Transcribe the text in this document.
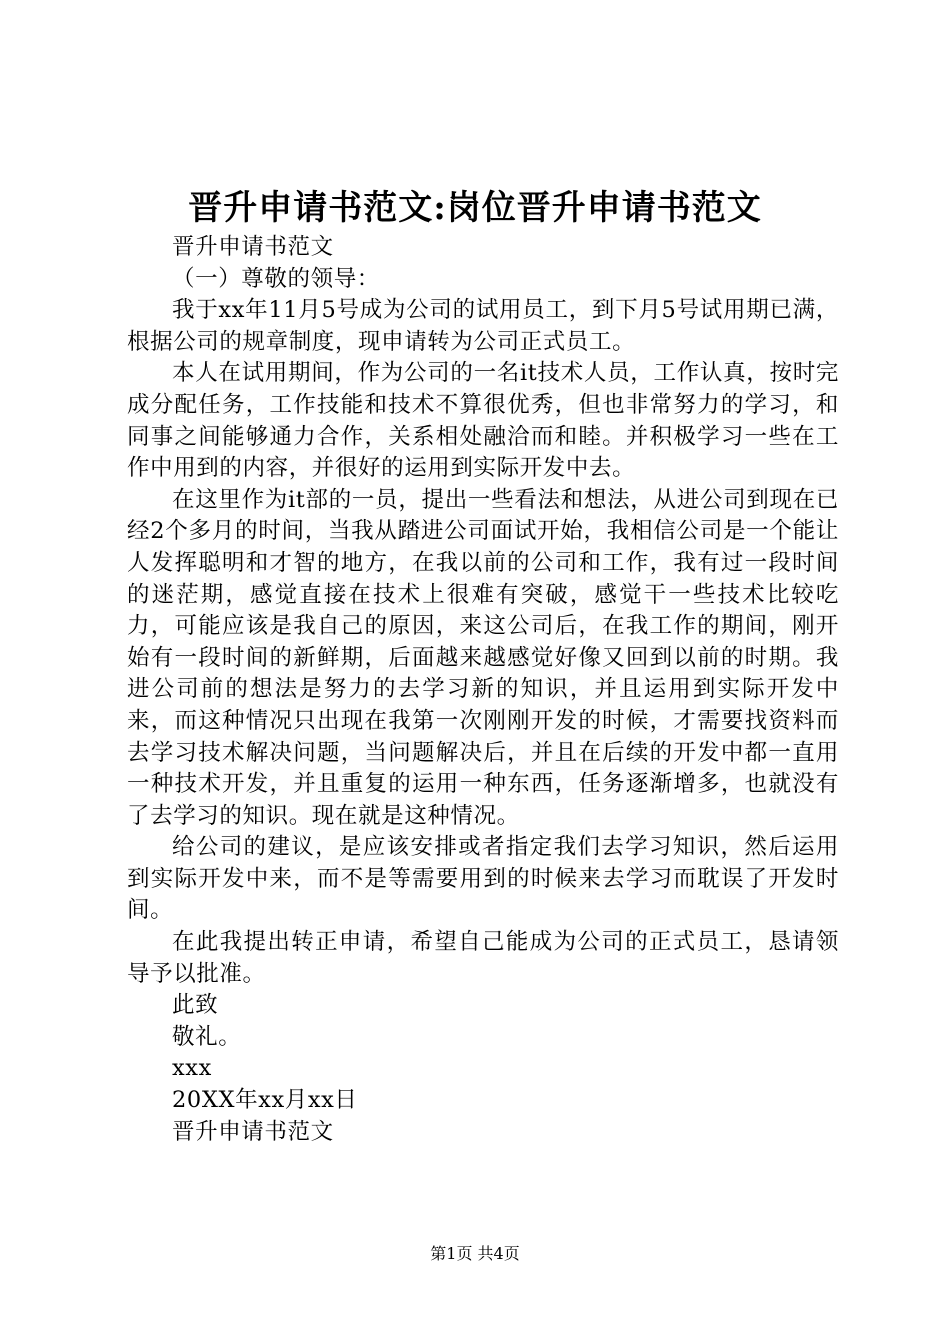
晋升申请书范文:岗位晋升申请书范文

晋升申请书范文

（一）尊敬的领导：

我于xx年11月5号成为公司的试用员工，到下月5号试用期已满，根据公司的规章制度，现申请转为公司正式员工。

本人在试用期间，作为公司的一名it技术人员，工作认真，按时完成分配任务，工作技能和技术不算很优秀，但也非常努力的学习，和同事之间能够通力合作，关系相处融洽而和睦。并积极学习一些在工作中用到的内容，并很好的运用到实际开发中去。

在这里作为it部的一员，提出一些看法和想法，从进公司到现在已经2个多月的时间，当我从踏进公司面试开始，我相信公司是一个能让人发挥聪明和才智的地方，在我以前的公司和工作，我有过一段时间的迷茫期，感觉直接在技术上很难有突破，感觉干一些技术比较吃力，可能应该是我自己的原因，来这公司后，在我工作的期间，刚开始有一段时间的新鲜期，后面越来越感觉好像又回到以前的时期。我进公司前的想法是努力的去学习新的知识，并且运用到实际开发中来，而这种情况只出现在我第一次刚刚开发的时候，才需要找资料而去学习技术解决问题，当问题解决后，并且在后续的开发中都一直用一种技术开发，并且重复的运用一种东西，任务逐渐增多，也就没有了去学习的知识。现在就是这种情况。

给公司的建议，是应该安排或者指定我们去学习知识，然后运用到实际开发中来，而不是等需要用到的时候来去学习而耽误了开发时间。

在此我提出转正申请，希望自己能成为公司的正式员工，恳请领导予以批准。

此致

敬礼。

xxx

20XX年xx月xx日

晋升申请书范文

第1页 共4页
